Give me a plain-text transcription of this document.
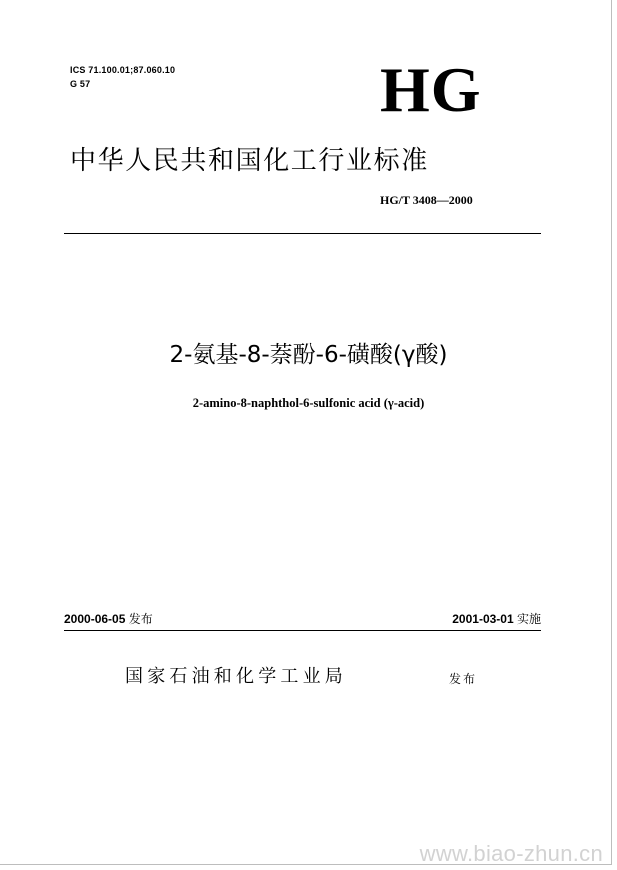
ICS 71.100.01;87.060.10
G 57	HG
中华人民共和国化工行业标准
HG/T 3408—2000
2-氨基-8-萘酚-6-磺酸(γ酸)
2-amino-8-naphthol-6-sulfonic acid (γ-acid)
2000-06-05 发布	2001-03-01 实施
国家石油和化学工业局	发布
www.biao-zhun.cn
